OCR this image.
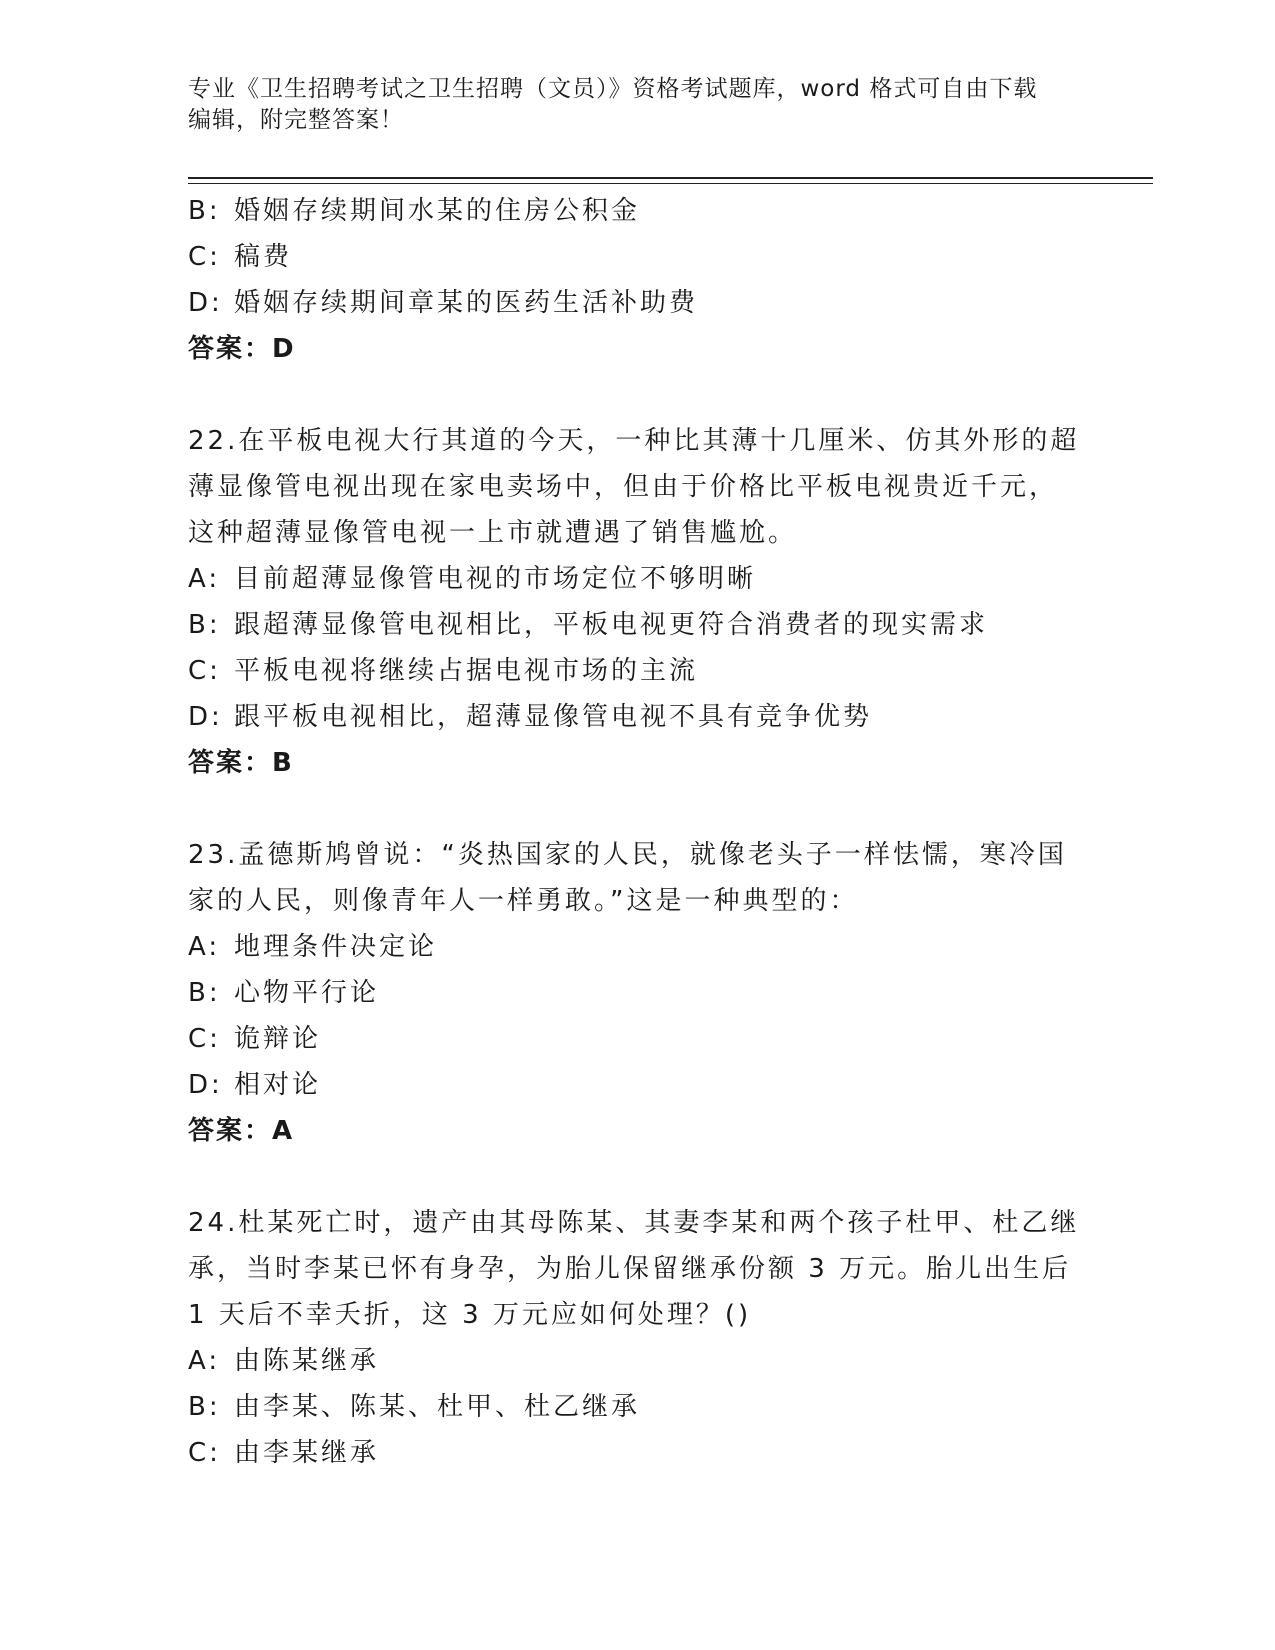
专业《卫生招聘考试之卫生招聘（文员）》资格考试题库，word 格式可自由下载
编辑，附完整答案！
B: 婚姻存续期间水某的住房公积金
C: 稿费
D: 婚姻存续期间章某的医药生活补助费
答案：D
22.在平板电视大行其道的今天，一种比其薄十几厘米、仿其外形的超
薄显像管电视出现在家电卖场中，但由于价格比平板电视贵近千元，
这种超薄显像管电视一上市就遭遇了销售尴尬。
A: 目前超薄显像管电视的市场定位不够明晰
B: 跟超薄显像管电视相比，平板电视更符合消费者的现实需求
C: 平板电视将继续占据电视市场的主流
D: 跟平板电视相比，超薄显像管电视不具有竞争优势
答案：B
23.孟德斯鸠曾说：“炎热国家的人民，就像老头子一样怯懦，寒冷国
家的人民，则像青年人一样勇敢。”这是一种典型的：
A: 地理条件决定论
B: 心物平行论
C: 诡辩论
D: 相对论
答案：A
24.杜某死亡时，遗产由其母陈某、其妻李某和两个孩子杜甲、杜乙继
承，当时李某已怀有身孕，为胎儿保留继承份额 3 万元。胎儿出生后
1 天后不幸夭折，这 3 万元应如何处理？()
A: 由陈某继承
B: 由李某、陈某、杜甲、杜乙继承
C: 由李某继承
